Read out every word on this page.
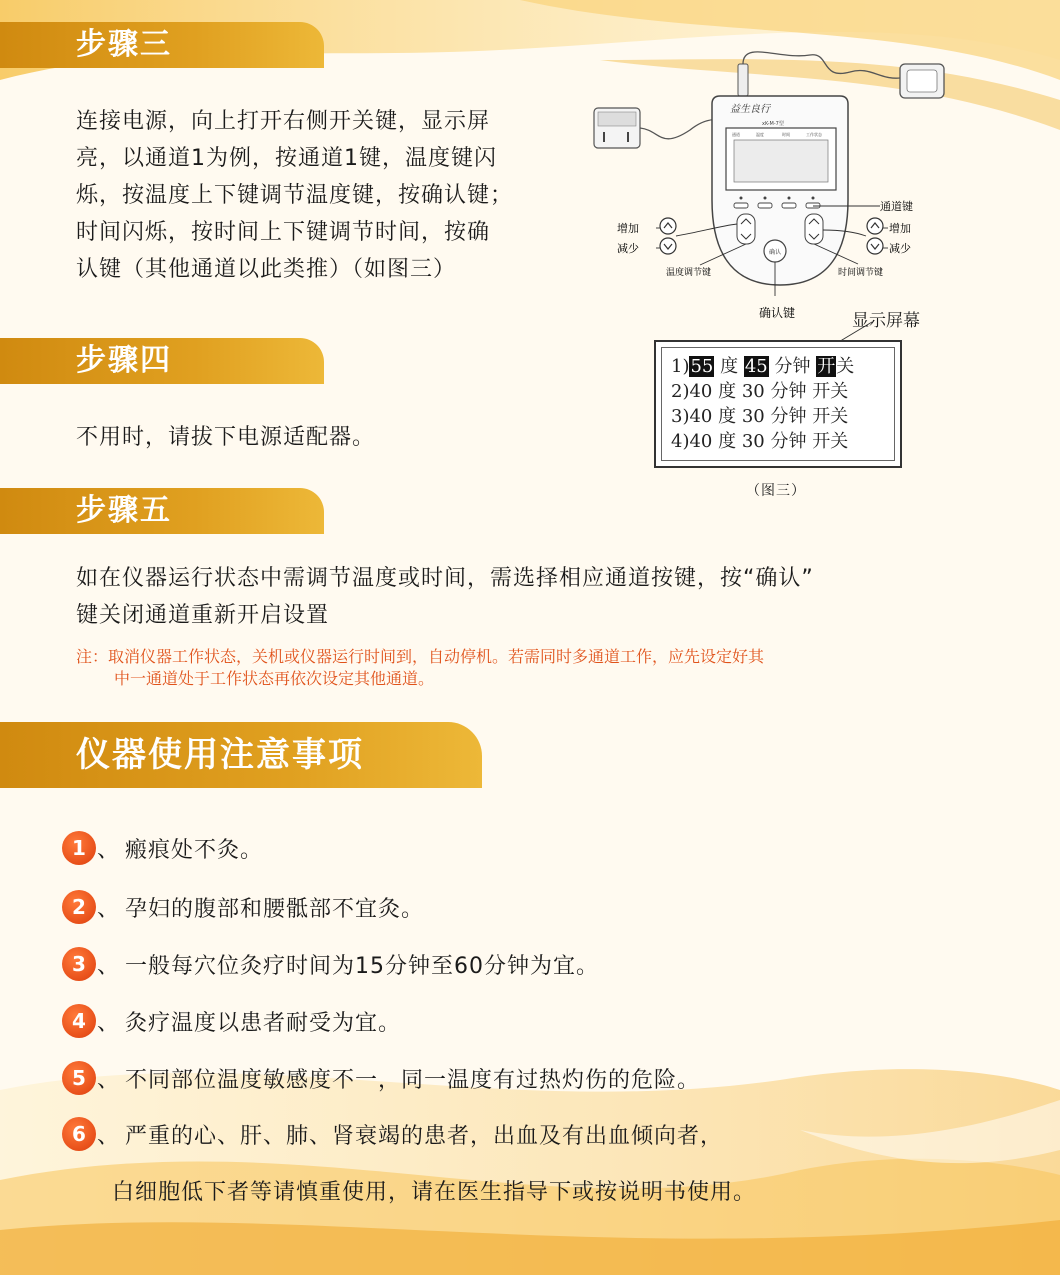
步骤三
连接电源，向上打开右侧开关键，显示屏
亮，以通道1为例，按通道1键，温度键闪
烁，按温度上下键调节温度键，按确认键；
时间闪烁，按时间上下键调节时间，按确
认键（其他通道以此类推）（如图三）
益生良行
xK-M-7型
通道	温度	时间	工作状态
确认
增加
减少
通道键
增加
减少
温度调节键	时间调节键
确认键	显示屏幕
1)55 度 45 分钟 开关
2)40 度 30 分钟 开关
3)40 度 30 分钟 开关
4)40 度 30 分钟 开关
（图三）
步骤四
不用时，请拔下电源适配器。
步骤五
如在仪器运行状态中需调节温度或时间，需选择相应通道按键，按“确认”
键关闭通道重新开启设置
注：取消仪器工作状态，关机或仪器运行时间到，自动停机。若需同时多通道工作，应先设定好其
中一通道处于工作状态再依次设定其他通道。
仪器使用注意事项
1 、 瘢痕处不灸。
2 、 孕妇的腹部和腰骶部不宜灸。
3 、 一般每穴位灸疗时间为15分钟至60分钟为宜。
4 、 灸疗温度以患者耐受为宜。
5 、 不同部位温度敏感度不一，同一温度有过热灼伤的危险。
6 、 严重的心、肝、肺、肾衰竭的患者，出血及有出血倾向者，
白细胞低下者等请慎重使用，请在医生指导下或按说明书使用。
